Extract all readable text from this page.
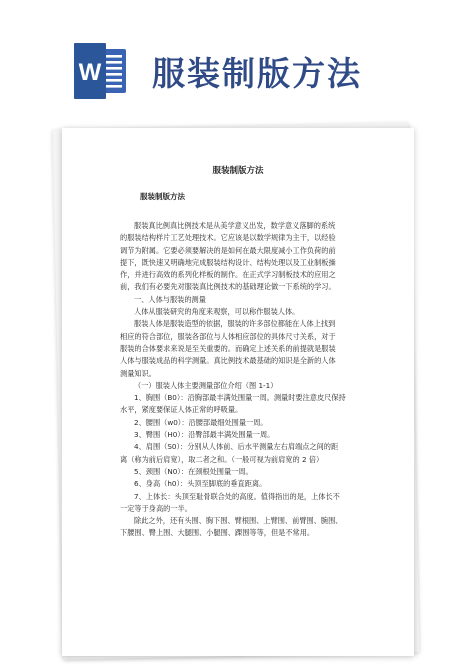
W 服装制版方法
服装制版方法
服装制版方法

服装真比例真比例技术是从美学意义出发，数学意义落脚的系统

的服装结构样片工艺处理技术。它应该是以数学规律为主干，以经验

调节为附属。它要必须要解决的是如何在最大限度减小工作负荷的前

提下，既快速又明确地完成服装结构设计、结构处理以及工业制板操

作，并进行高效的系列化样板的制作。在正式学习制板技术的应用之

前，我们有必要先对服装真比例技术的基础理论做一下系统的学习。

一、人体与服装的测量

人体从服装研究的角度来观察，可以称作服装人体。

服装人体是服装造型的依据，服装的许多部位都能在人体上找到

相应的符合部位，服装各部位与人体相应部位的具体尺寸关系，对于

服装的合体要求来说是至关重要的。而确定上述关系的前提就是服装

人体与服装成品的科学测量。真比例技术最基础的知识是全新的人体

测量知识。

（一）服装人体主要测量部位介绍（图 1-1）

1、胸围（B0）：沿胸部最丰满处围量一周。测量时要注意皮尺保持

水平，紧度要保证人体正常的呼吸量。

2、腰围（w0）：沿腰部最细处围量一周。

3、臀围（H0）：沿臀部最丰满处围量一周。

4、肩围（S0）：分别从人体前、后水平测量左右肩端点之间的距

离（称为前后肩宽），取二者之和。（一般可视为前肩宽的 2 倍）

5、颈围（N0）：在颈根处围量一周。

6、身高（h0）：头顶至脚底的垂直距离。

7、上体长：头顶至耻骨联合处的高度。值得指出的是，上体长不

一定等于身高的一半。

除此之外，还有头围、胸下围、臂根围、上臂围、前臂围、腕围、

下腰围、臀上围、大腿围、小腿围、踝围等等，但是不常用。
